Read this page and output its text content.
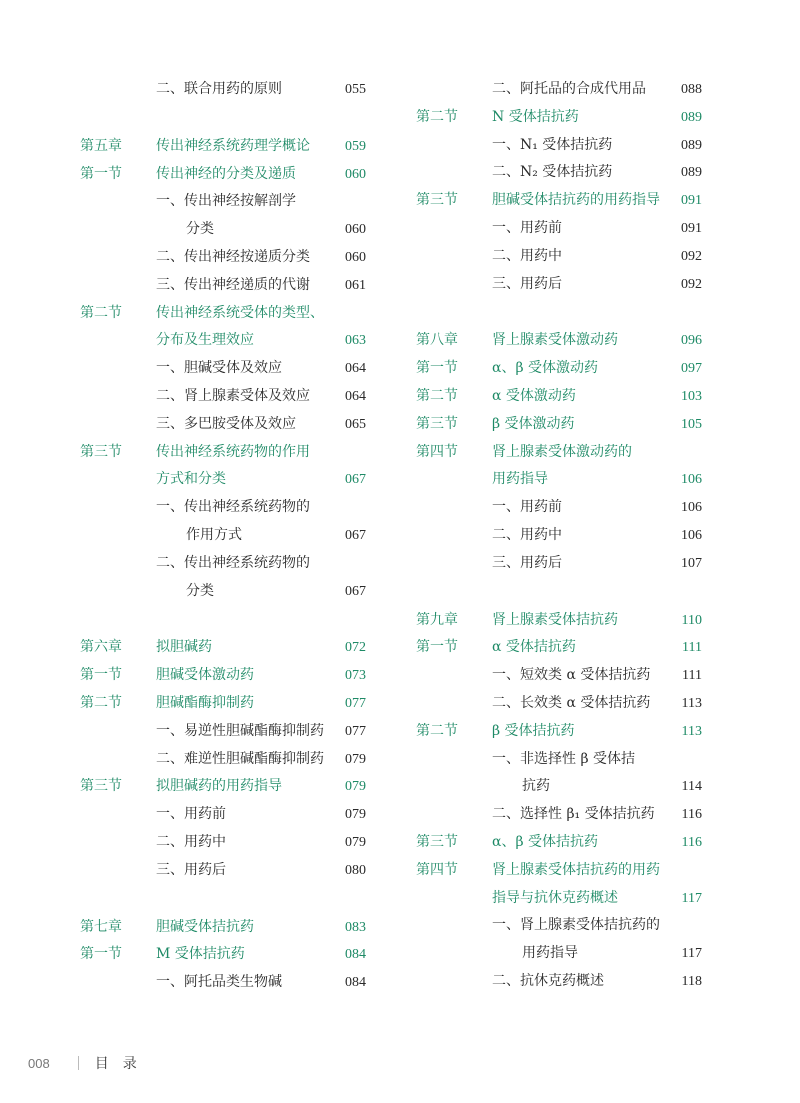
二、联合用药的原则	055
第五章 传出神经系统药理学概论	059
第一节 传出神经的分类及递质	060
一、传出神经按解剖学
分类	060
二、传出神经按递质分类	060
三、传出神经递质的代谢	061
第二节 传出神经系统受体的类型、
分布及生理效应	063
一、胆碱受体及效应	064
二、肾上腺素受体及效应	064
三、多巴胺受体及效应	065
第三节 传出神经系统药物的作用
方式和分类	067
一、传出神经系统药物的
作用方式	067
二、传出神经系统药物的
分类	067
第六章 拟胆碱药	072
第一节 胆碱受体激动药	073
第二节 胆碱酯酶抑制药	077
一、易逆性胆碱酯酶抑制药 077
二、难逆性胆碱酯酶抑制药 079
第三节 拟胆碱药的用药指导	079
一、用药前	079
二、用药中	079
三、用药后	080
第七章 胆碱受体拮抗药	083
第一节 M 受体拮抗药	084
一、阿托品类生物碱	084
二、阿托品的合成代用品	088
第二节 N 受体拮抗药	089
一、N₁ 受体拮抗药	089
二、N₂ 受体拮抗药	089
第三节 胆碱受体拮抗药的用药指导 091
一、用药前	091
二、用药中	092
三、用药后	092
第八章 肾上腺素受体激动药	096
第一节 α、β 受体激动药	097
第二节 α 受体激动药	103
第三节 β 受体激动药	105
第四节 肾上腺素受体激动药的
用药指导	106
一、用药前	106
二、用药中	106
三、用药后	107
第九章 肾上腺素受体拮抗药	110
第一节 α 受体拮抗药	111
一、短效类 α 受体拮抗药 111
二、长效类 α 受体拮抗药 113
第二节 β 受体拮抗药	113
一、非选择性 β 受体拮
抗药	114
二、选择性 β₁ 受体拮抗药 116
第三节 α、β 受体拮抗药	116
第四节 肾上腺素受体拮抗药的用药
指导与抗休克药概述	117
一、肾上腺素受体拮抗药的
用药指导	117
二、抗休克药概述	118
008	目录
